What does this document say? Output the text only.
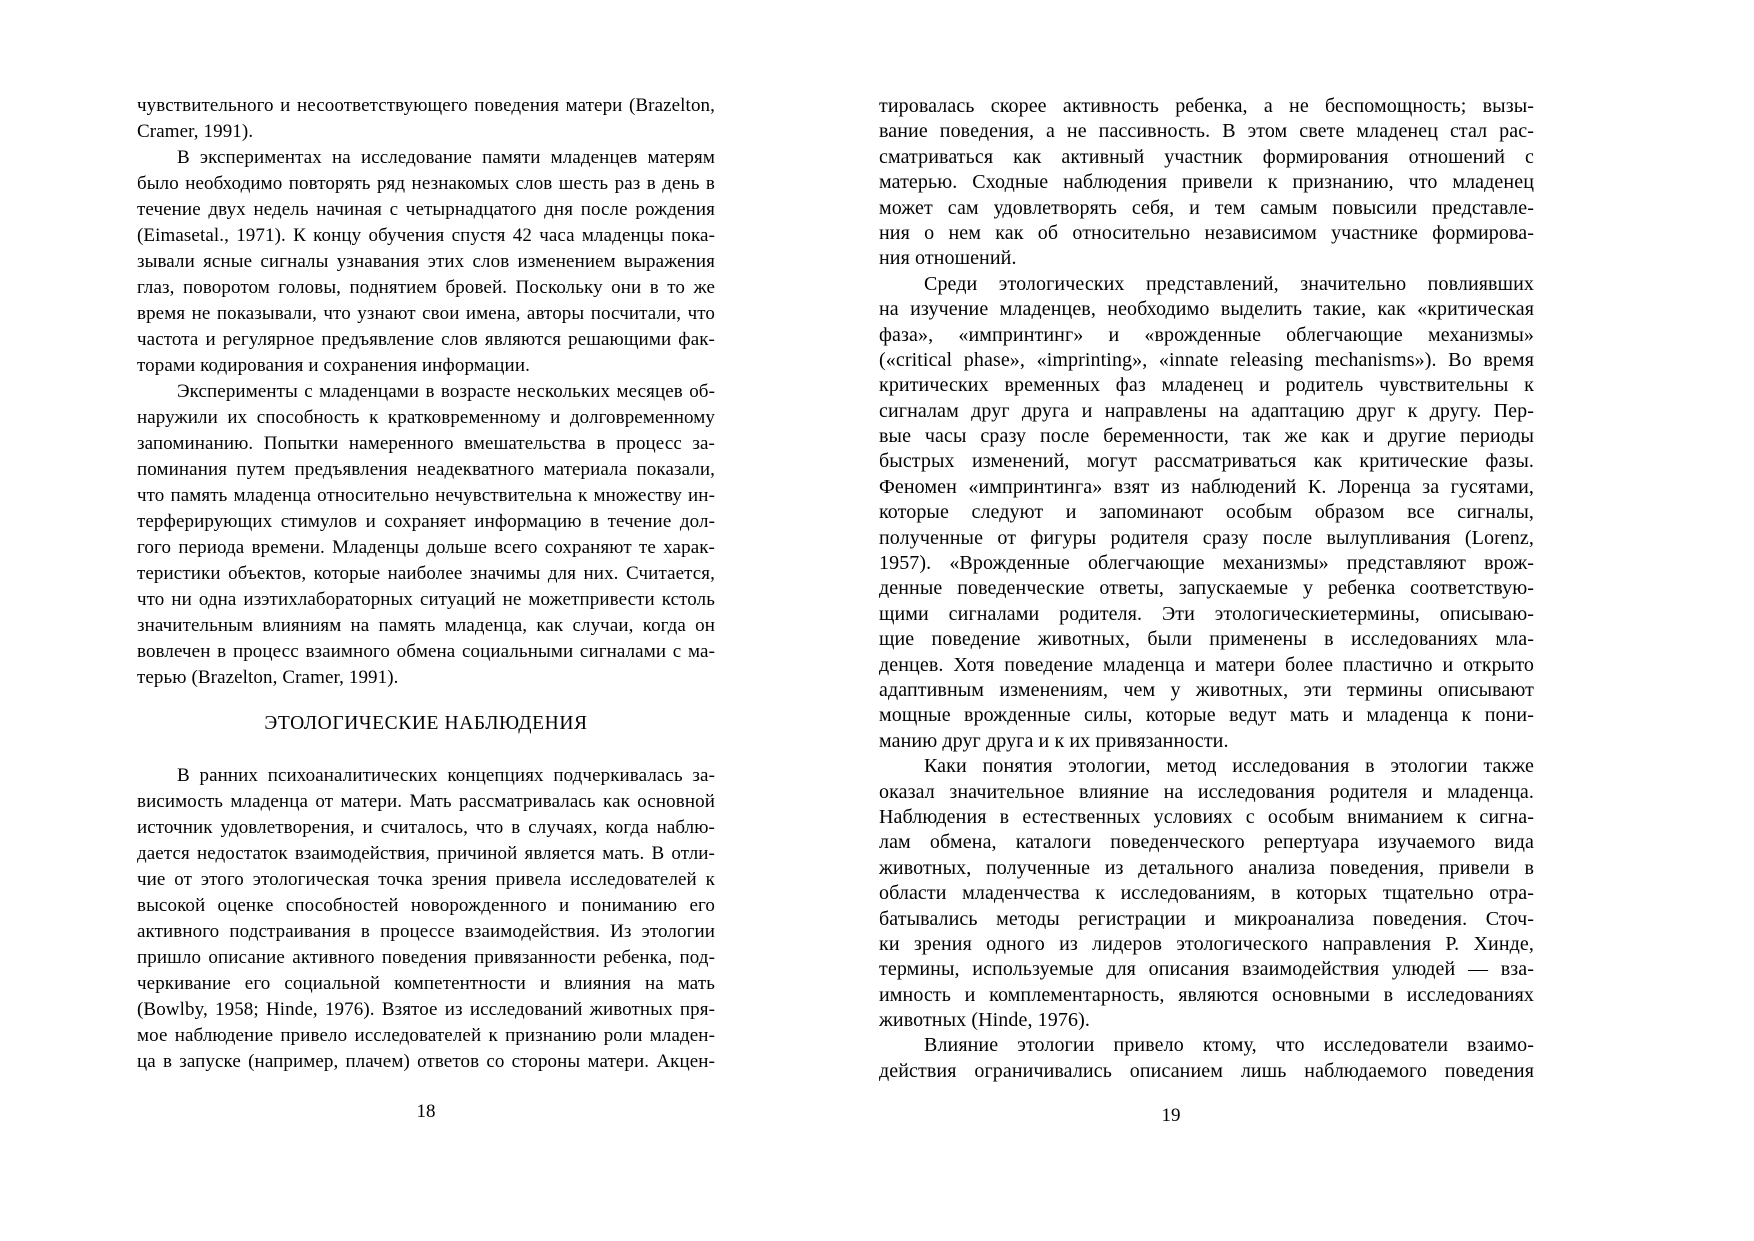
чувствительного и несоответствующего поведения матери (Brazelton,
Cramer, 1991).
В экспериментах на исследование памяти младенцев матерям
было необходимо повторять ряд незнакомых слов шесть раз в день в
течение двух недель начиная с четырнадцатого дня после рождения
(Eimasetal., 1971). К концу обучения спустя 42 часа младенцы пока-
зывали ясные сигналы узнавания этих слов изменением выражения
глаз, поворотом головы, поднятием бровей. Поскольку они в то же
время не показывали, что узнают свои имена, авторы посчитали, что
частота и регулярное предъявление слов являются решающими фак-
торами кодирования и сохранения информации.
Эксперименты с младенцами в возрасте нескольких месяцев об-
наружили их способность к кратковременному и долговременному
запоминанию. Попытки намеренного вмешательства в процесс за-
поминания путем предъявления неадекватного материала показали,
что память младенца относительно нечувствительна к множеству ин-
терферирующих стимулов и сохраняет информацию в течение дол-
гого периода времени. Младенцы дольше всего сохраняют те харак-
теристики объектов, которые наиболее значимы для них. Считается,
что ни одна изэтихлабораторных ситуаций не можетпривести кстоль
значительным влияниям на память младенца, как случаи, когда он
вовлечен в процесс взаимного обмена социальными сигналами с ма-
терью (Brazelton, Cramer, 1991).
ЭТОЛОГИЧЕСКИЕ НАБЛЮДЕНИЯ
В ранних психоаналитических концепциях подчеркивалась за-
висимость младенца от матери. Мать рассматривалась как основной
источник удовлетворения, и считалось, что в случаях, когда наблю-
дается недостаток взаимодействия, причиной является мать. В отли-
чие от этого этологическая точка зрения привела исследователей к
высокой оценке способностей новорожденного и пониманию его
активного подстраивания в процессе взаимодействия. Из этологии
пришло описание активного поведения привязанности ребенка, под-
черкивание его социальной компетентности и влияния на мать
(Bowlby, 1958; Hinde, 1976). Взятое из исследований животных пря-
мое наблюдение привело исследователей к признанию роли младен-
ца в запуске (например, плачем) ответов со стороны матери. Акцен-
тировалась скорее активность ребенка, а не беспомощность; вызы-
вание поведения, а не пассивность. В этом свете младенец стал рас-
сматриваться как активный участник формирования отношений с
матерью. Сходные наблюдения привели к признанию, что младенец
может сам удовлетворять себя, и тем самым повысили представле-
ния о нем как об относительно независимом участнике формирова-
ния отношений.
Среди этологических представлений, значительно повлиявших
на изучение младенцев, необходимо выделить такие, как «критическая
фаза», «импринтинг» и «врожденные облегчающие механизмы»
(«critical phase», «imprinting», «innate releasing mechanisms»). Во время
критических временных фаз младенец и родитель чувствительны к
сигналам друг друга и направлены на адаптацию друг к другу. Пер-
вые часы сразу после беременности, так же как и другие периоды
быстрых изменений, могут рассматриваться как критические фазы.
Феномен «импринтинга» взят из наблюдений К. Лоренца за гусятами,
которые следуют и запоминают особым образом все сигналы,
полученные от фигуры родителя сразу после вылупливания (Lorenz,
1957). «Врожденные облегчающие механизмы» представляют врож-
денные поведенческие ответы, запускаемые у ребенка соответствую-
щими сигналами родителя. Эти этологическиетермины, описываю-
щие поведение животных, были применены в исследованиях мла-
денцев. Хотя поведение младенца и матери более пластично и открыто
адаптивным изменениям, чем у животных, эти термины описывают
мощные врожденные силы, которые ведут мать и младенца к пони-
манию друг друга и к их привязанности.
Каки понятия этологии, метод исследования в этологии также
оказал значительное влияние на исследования родителя и младенца.
Наблюдения в естественных условиях с особым вниманием к сигна-
лам обмена, каталоги поведенческого репертуара изучаемого вида
животных, полученные из детального анализа поведения, привели в
области младенчества к исследованиям, в которых тщательно отра-
батывались методы регистрации и микроанализа поведения. Сточ-
ки зрения одного из лидеров этологического направления Р. Хинде,
термины, используемые для описания взаимодействия улюдей — вза-
имность и комплементарность, являются основными в исследованиях
животных (Hinde, 1976).
Влияние этологии привело ктому, что исследователи взаимо-
действия ограничивались описанием лишь наблюдаемого поведения
18	19
